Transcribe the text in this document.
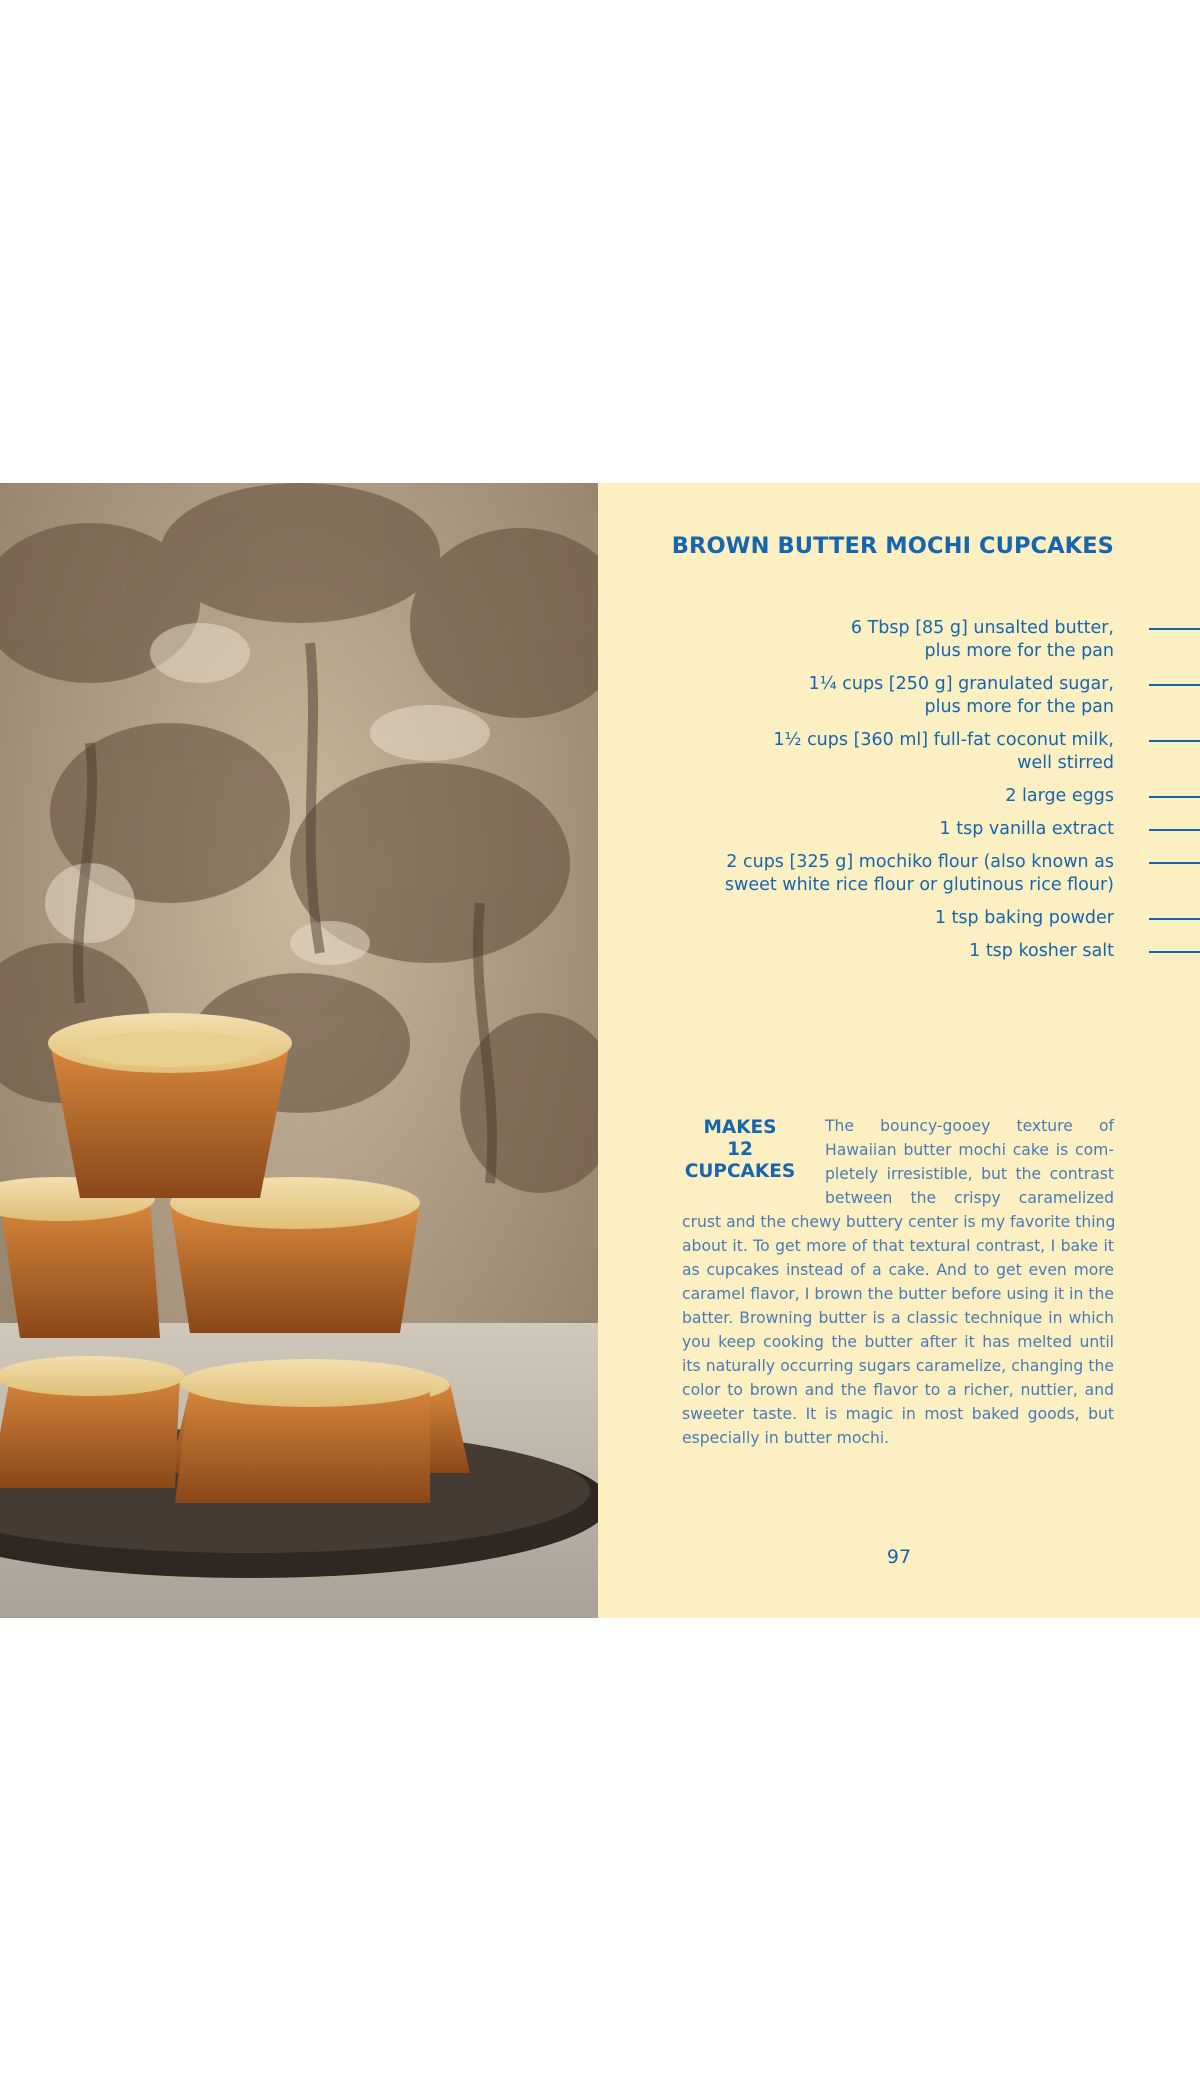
BROWN BUTTER MOCHI CUPCAKES
6 Tbsp [85 g] unsalted butter,
plus more for the pan
1¼ cups [250 g] granulated sugar,
plus more for the pan
1½ cups [360 ml] full-fat coconut milk,
well stirred
2 large eggs
1 tsp vanilla extract
2 cups [325 g] mochiko flour (also known as
sweet white rice flour or glutinous rice flour)
1 tsp baking powder
1 tsp kosher salt
MAKES
12
CUPCAKES
The bouncy-gooey texture of
Hawaiian butter mochi cake is com-
pletely irresistible, but the contrast
between the crispy caramelized
crust and the chewy buttery center is my favorite thing
about it. To get more of that textural contrast, I bake it
as cupcakes instead of a cake. And to get even more
caramel flavor, I brown the butter before using it in the
batter. Browning butter is a classic technique in which
you keep cooking the butter after it has melted until
its naturally occurring sugars caramelize, changing the
color to brown and the flavor to a richer, nuttier, and
sweeter taste. It is magic in most baked goods, but
especially in butter mochi.
97
